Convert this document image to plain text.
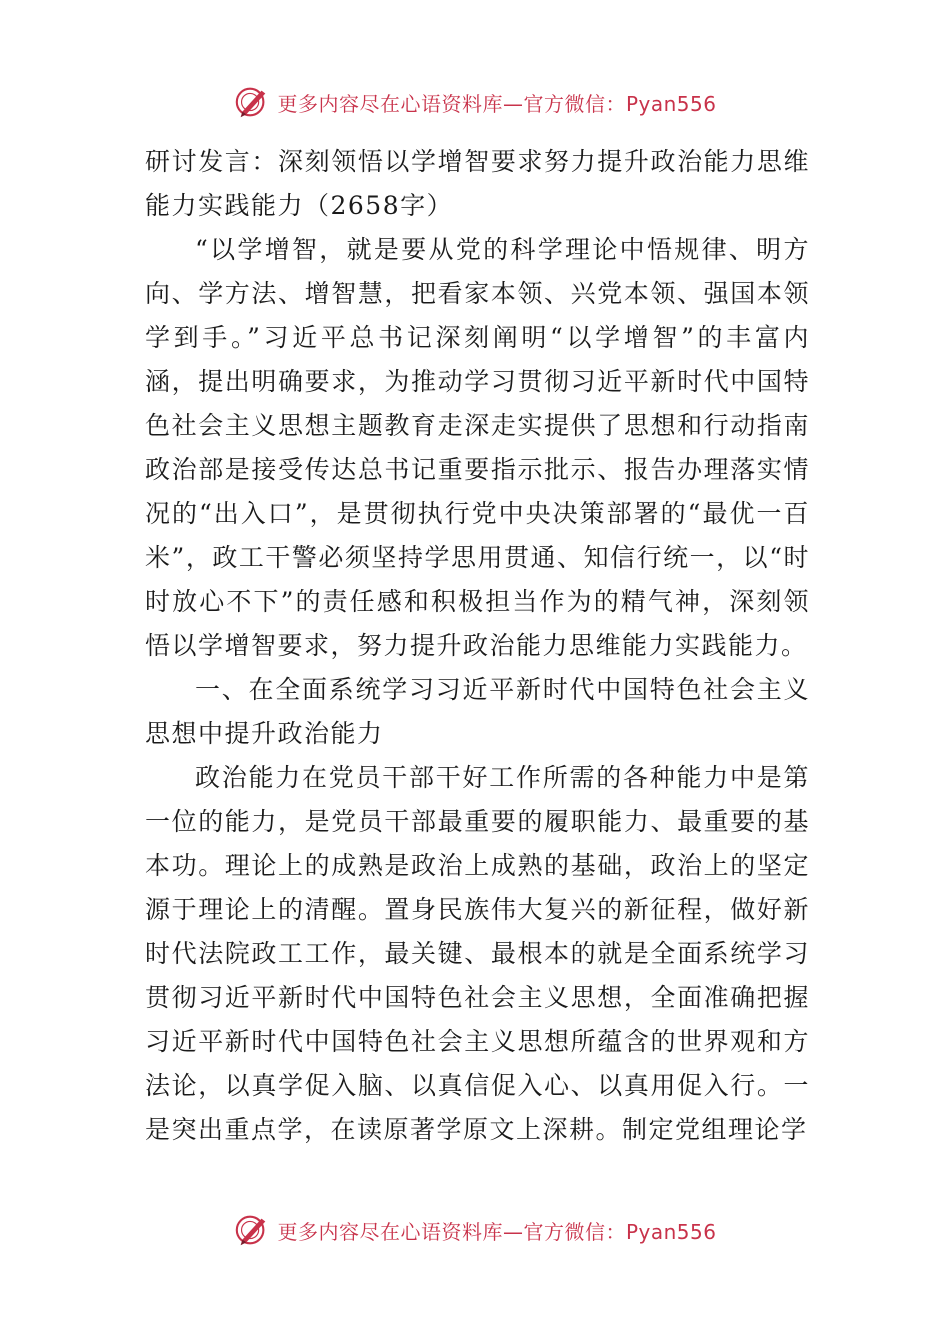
更多内容尽在心语资料库—官方微信：Pyan556

研讨发言：深刻领悟以学增智要求努力提升政治能力思维能力实践能力（2658字）

“以学增智，就是要从党的科学理论中悟规律、明方向、学方法、增智慧，把看家本领、兴党本领、强国本领学到手。”习近平总书记深刻阐明“以学增智”的丰富内涵，提出明确要求，为推动学习贯彻习近平新时代中国特色社会主义思想主题教育走深走实提供了思想和行动指南政治部是接受传达总书记重要指示批示、报告办理落实情况的“出入口”，是贯彻执行党中央决策部署的“最优一百米”，政工干警必须坚持学思用贯通、知信行统一，以“时时放心不下”的责任感和积极担当作为的精气神，深刻领悟以学增智要求，努力提升政治能力思维能力实践能力。

一、在全面系统学习习近平新时代中国特色社会主义思想中提升政治能力

政治能力在党员干部干好工作所需的各种能力中是第一位的能力，是党员干部最重要的履职能力、最重要的基本功。理论上的成熟是政治上成熟的基础，政治上的坚定源于理论上的清醒。置身民族伟大复兴的新征程，做好新时代法院政工工作，最关键、最根本的就是全面系统学习贯彻习近平新时代中国特色社会主义思想，全面准确把握习近平新时代中国特色社会主义思想所蕴含的世界观和方法论，以真学促入脑、以真信促入心、以真用促入行。一是突出重点学，在读原著学原文上深耕。制定党组理论学

更多内容尽在心语资料库—官方微信：Pyan556
